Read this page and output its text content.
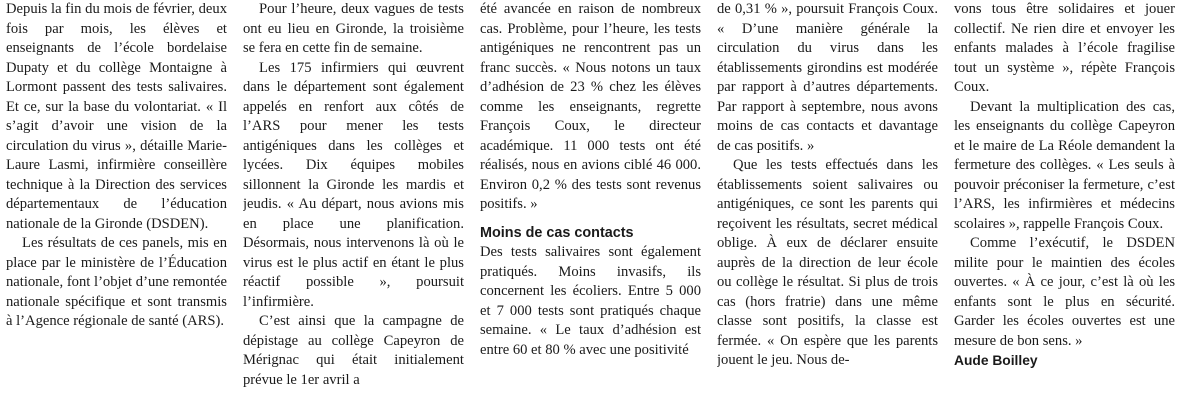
Depuis la fin du mois de février, deux fois par mois, les élèves et enseignants de l’école bordelaise Dupaty et du collège Montaigne à Lormont passent des tests salivaires. Et ce, sur la base du volontariat. « Il s’agit d’avoir une vision de la circulation du virus », détaille Marie-Laure Lasmi, infirmière conseillère technique à la Direction des services départementaux de l’éducation nationale de la Gironde (DSDEN).

Les résultats de ces panels, mis en place par le ministère de l’Éducation nationale, font l’objet d’une remontée nationale spécifique et sont transmis à l’Agence régionale de santé (ARS).

Pour l’heure, deux vagues de tests ont eu lieu en Gironde, la troisième se fera en cette fin de semaine.

Les 175 infirmiers qui œuvrent dans le département sont également appelés en renfort aux côtés de l’ARS pour mener les tests antigéniques dans les collèges et lycées. Dix équipes mobiles sillonnent la Gironde les mardis et jeudis. « Au départ, nous avions mis en place une planification. Désormais, nous intervenons là où le virus est le plus actif en étant le plus réactif possible », poursuit l’infirmière.

C’est ainsi que la campagne de dépistage au collège Capeyron de Mérignac qui était initialement prévue le 1er avril a

été avancée en raison de nombreux cas. Problème, pour l’heure, les tests antigéniques ne rencontrent pas un franc succès. « Nous notons un taux d’adhésion de 23 % chez les élèves comme les enseignants, regrette François Coux, le directeur académique. 11 000 tests ont été réalisés, nous en avions ciblé 46 000. Environ 0,2 % des tests sont revenus positifs. »

Moins de cas contacts

Des tests salivaires sont également pratiqués. Moins invasifs, ils concernent les écoliers. Entre 5 000 et 7 000 tests sont pratiqués chaque semaine. « Le taux d’adhésion est entre 60 et 80 % avec une positivité

de 0,31 % », poursuit François Coux. « D’une manière générale la circulation du virus dans les établissements girondins est modérée par rapport à d’autres départements. Par rapport à septembre, nous avons moins de cas contacts et davantage de cas positifs. »

Que les tests effectués dans les établissements soient salivaires ou antigéniques, ce sont les parents qui reçoivent les résultats, secret médical oblige. À eux de déclarer ensuite auprès de la direction de leur école ou collège le résultat. Si plus de trois cas (hors fratrie) dans une même classe sont positifs, la classe est fermée. « On espère que les parents jouent le jeu. Nous de-

vons tous être solidaires et jouer collectif. Ne rien dire et envoyer les enfants malades à l’école fragilise tout un système », répète François Coux.

Devant la multiplication des cas, les enseignants du collège Capeyron et le maire de La Réole demandent la fermeture des collèges. « Les seuls à pouvoir préconiser la fermeture, c’est l’ARS, les infirmières et médecins scolaires », rappelle François Coux.

Comme l’exécutif, le DSDEN milite pour le maintien des écoles ouvertes. « À ce jour, c’est là où les enfants sont le plus en sécurité. Garder les écoles ouvertes est une mesure de bon sens. »

Aude Boilley
